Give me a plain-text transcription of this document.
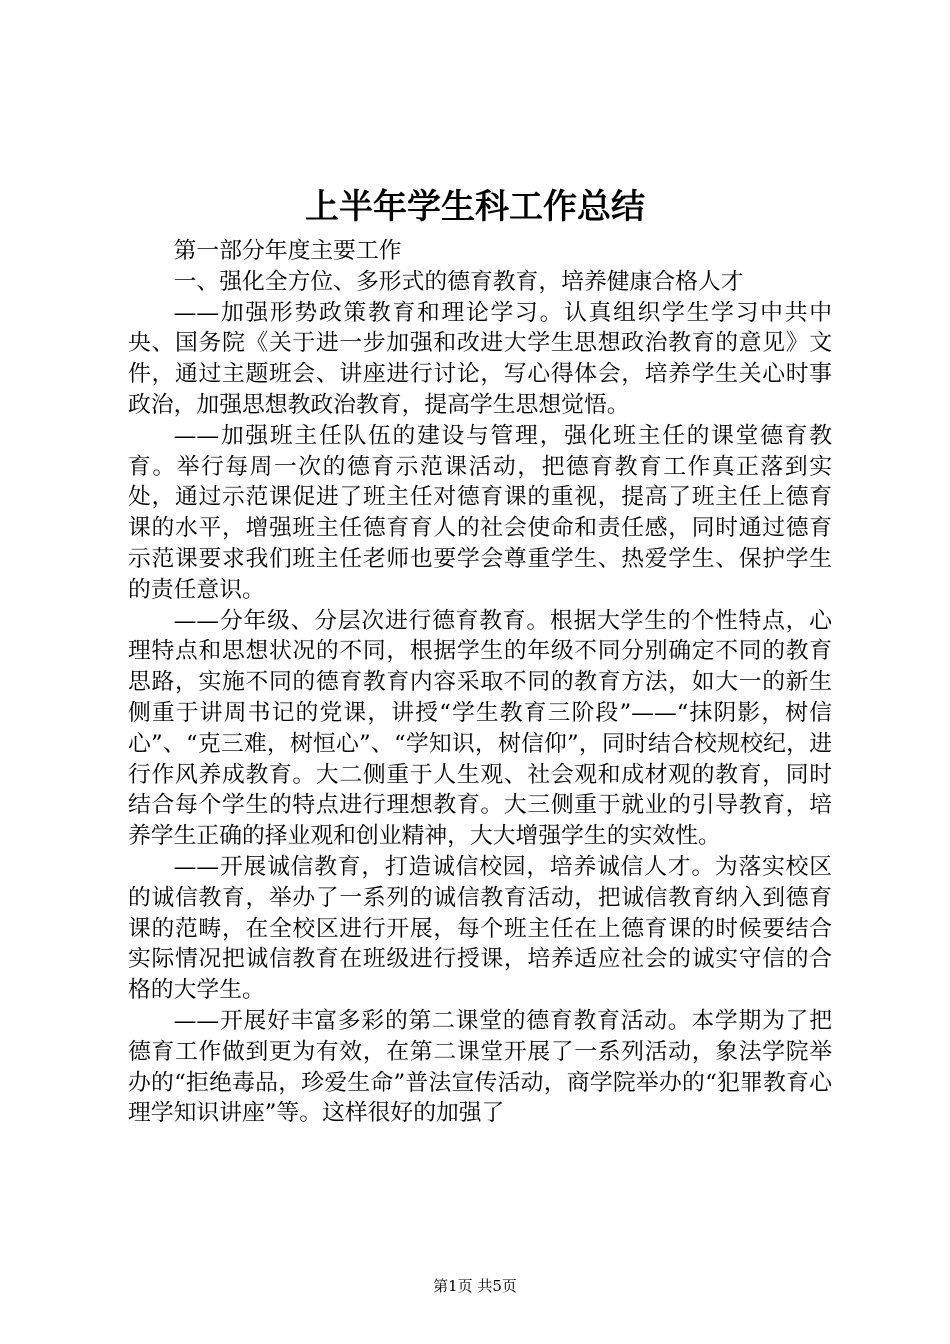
上半年学生科工作总结

第一部分年度主要工作

一、强化全方位、多形式的德育教育，培养健康合格人才

——加强形势政策教育和理论学习。认真组织学生学习中共中央、国务院《关于进一步加强和改进大学生思想政治教育的意见》文件，通过主题班会、讲座进行讨论，写心得体会，培养学生关心时事政治，加强思想教政治教育，提高学生思想觉悟。

——加强班主任队伍的建设与管理，强化班主任的课堂德育教育。举行每周一次的德育示范课活动，把德育教育工作真正落到实处，通过示范课促进了班主任对德育课的重视，提高了班主任上德育课的水平，增强班主任德育育人的社会使命和责任感，同时通过德育示范课要求我们班主任老师也要学会尊重学生、热爱学生、保护学生的责任意识。

——分年级、分层次进行德育教育。根据大学生的个性特点，心理特点和思想状况的不同，根据学生的年级不同分别确定不同的教育思路，实施不同的德育教育内容采取不同的教育方法，如大一的新生侧重于讲周书记的党课，讲授“学生教育三阶段”——“抹阴影，树信心”、“克三难，树恒心”、“学知识，树信仰”，同时结合校规校纪，进行作风养成教育。大二侧重于人生观、社会观和成材观的教育，同时结合每个学生的特点进行理想教育。大三侧重于就业的引导教育，培养学生正确的择业观和创业精神，大大增强学生的实效性。

——开展诚信教育，打造诚信校园，培养诚信人才。为落实校区的诚信教育，举办了一系列的诚信教育活动，把诚信教育纳入到德育课的范畴，在全校区进行开展，每个班主任在上德育课的时候要结合实际情况把诚信教育在班级进行授课，培养适应社会的诚实守信的合格的大学生。

——开展好丰富多彩的第二课堂的德育教育活动。本学期为了把德育工作做到更为有效，在第二课堂开展了一系列活动，象法学院举办的“拒绝毒品，珍爱生命”普法宣传活动，商学院举办的“犯罪教育心理学知识讲座”等。这样很好的加强了

第1页 共5页
